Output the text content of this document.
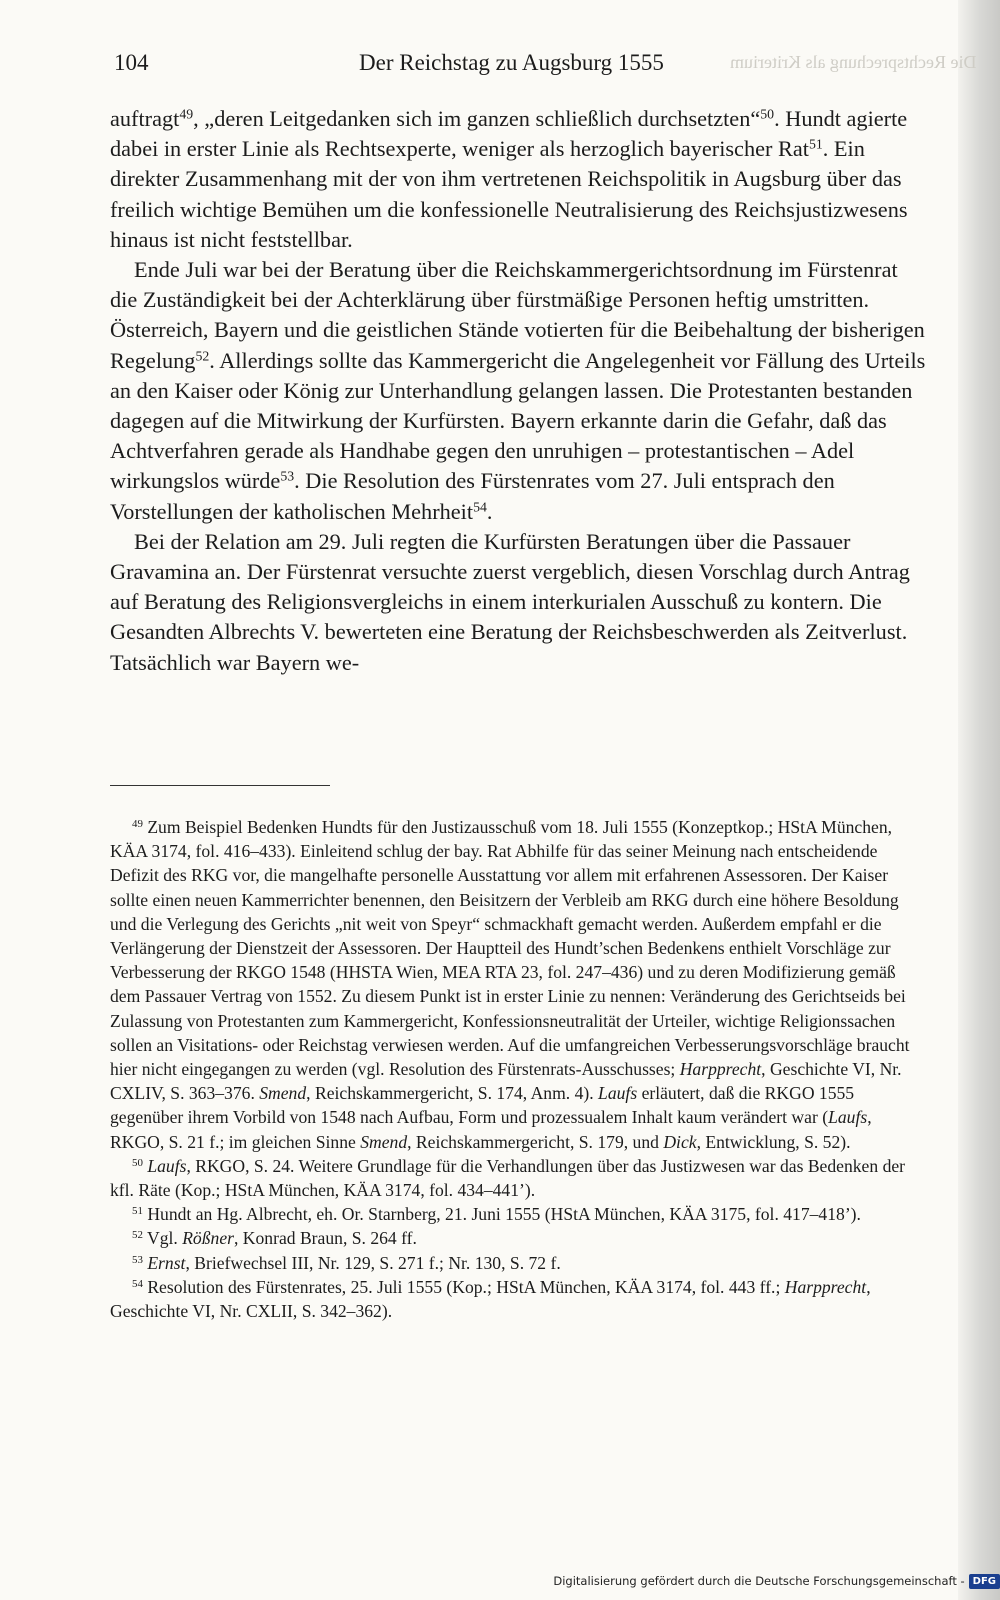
Die Rechtsprechung als Kriterium
104	Der Reichstag zu Augsburg 1555

auftragt$^{49}$, „deren Leitgedanken sich im ganzen schließlich durchsetzten“$^{50}$. Hundt agierte dabei in erster Linie als Rechtsexperte, weniger als herzoglich bayerischer Rat$^{51}$. Ein direkter Zusammenhang mit der von ihm vertretenen Reichspolitik in Augsburg über das freilich wichtige Bemühen um die konfessionelle Neutralisierung des Reichsjustizwesens hinaus ist nicht feststellbar.

Ende Juli war bei der Beratung über die Reichskammergerichtsordnung im Fürstenrat die Zuständigkeit bei der Achterklärung über fürstmäßige Personen heftig umstritten. Österreich, Bayern und die geistlichen Stände votierten für die Beibehaltung der bisherigen Regelung$^{52}$. Allerdings sollte das Kammergericht die Angelegenheit vor Fällung des Urteils an den Kaiser oder König zur Unterhandlung gelangen lassen. Die Protestanten bestanden dagegen auf die Mitwirkung der Kurfürsten. Bayern erkannte darin die Gefahr, daß das Achtverfahren gerade als Handhabe gegen den unruhigen – protestantischen – Adel wirkungslos würde$^{53}$. Die Resolution des Fürstenrates vom 27. Juli entsprach den Vorstellungen der katholischen Mehrheit$^{54}$.

Bei der Relation am 29. Juli regten die Kurfürsten Beratungen über die Passauer Gravamina an. Der Fürstenrat versuchte zuerst vergeblich, diesen Vorschlag durch Antrag auf Beratung des Religionsvergleichs in einem interkurialen Ausschuß zu kontern. Die Gesandten Albrechts V. bewerteten eine Beratung der Reichsbeschwerden als Zeitverlust. Tatsächlich war Bayern we-

$^{49}$ Zum Beispiel Bedenken Hundts für den Justizausschuß vom 18. Juli 1555 (Konzeptkop.; HStA München, KÄA 3174, fol. 416–433). Einleitend schlug der bay. Rat Abhilfe für das seiner Meinung nach entscheidende Defizit des RKG vor, die mangelhafte personelle Ausstattung vor allem mit erfahrenen Assessoren. Der Kaiser sollte einen neuen Kammerrichter benennen, den Beisitzern der Verbleib am RKG durch eine höhere Besoldung und die Verlegung des Gerichts „nit weit von Speyr“ schmackhaft gemacht werden. Außerdem empfahl er die Verlängerung der Dienstzeit der Assessoren. Der Hauptteil des Hundt’schen Bedenkens enthielt Vorschläge zur Verbesserung der RKGO 1548 (HHSTA Wien, MEA RTA 23, fol. 247–436) und zu deren Modifizierung gemäß dem Passauer Vertrag von 1552. Zu diesem Punkt ist in erster Linie zu nennen: Veränderung des Gerichtseids bei Zulassung von Protestanten zum Kammergericht, Konfessionsneutralität der Urteiler, wichtige Religionssachen sollen an Visitations- oder Reichstag verwiesen werden. Auf die umfangreichen Verbesserungsvorschläge braucht hier nicht eingegangen zu werden (vgl. Resolution des Fürstenrats-Ausschusses; Harpprecht, Geschichte VI, Nr. CXLIV, S. 363–376. Smend, Reichskammergericht, S. 174, Anm. 4). Laufs erläutert, daß die RKGO 1555 gegenüber ihrem Vorbild von 1548 nach Aufbau, Form und prozessualem Inhalt kaum verändert war (Laufs, RKGO, S. 21 f.; im gleichen Sinne Smend, Reichskammergericht, S. 179, und Dick, Entwicklung, S. 52).

$^{50}$ Laufs, RKGO, S. 24. Weitere Grundlage für die Verhandlungen über das Justizwesen war das Bedenken der kfl. Räte (Kop.; HStA München, KÄA 3174, fol. 434–441’).

$^{51}$ Hundt an Hg. Albrecht, eh. Or. Starnberg, 21. Juni 1555 (HStA München, KÄA 3175, fol. 417–418’).

$^{52}$ Vgl. Rößner, Konrad Braun, S. 264 ff.

$^{53}$ Ernst, Briefwechsel III, Nr. 129, S. 271 f.; Nr. 130, S. 72 f.

$^{54}$ Resolution des Fürstenrates, 25. Juli 1555 (Kop.; HStA München, KÄA 3174, fol. 443 ff.; Harpprecht, Geschichte VI, Nr. CXLII, S. 342–362).

Digitalisierung gefördert durch die Deutsche Forschungsgemeinschaft - DFG
